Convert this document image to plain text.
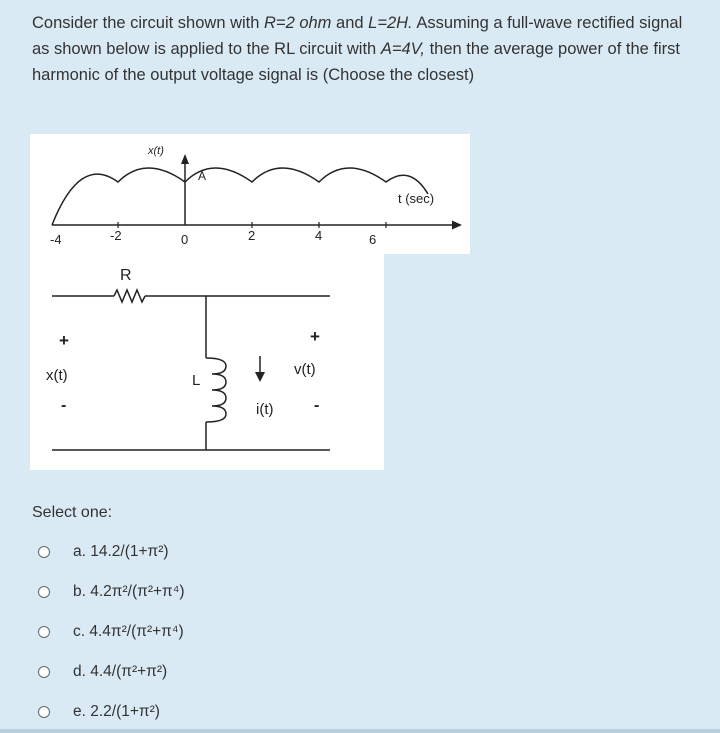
Consider the circuit shown with R=2 ohm and L=2H. Assuming a full-wave rectified signal as shown below is applied to the RL circuit with A=4V, then the average power of the first harmonic of the output voltage signal is (Choose the closest)
x(t)
A
t (sec)
-4	-2	0	2	4	6
R
+
x(t)
-
L
+
v(t)
-
i(t)
Select one:
a.
14.2/(1+π²)
b.
4.2π²/(π²+π⁴)
c.
4.4π²/(π²+π⁴)
d.
4.4/(π²+π²)
e.
2.2/(1+π²)
